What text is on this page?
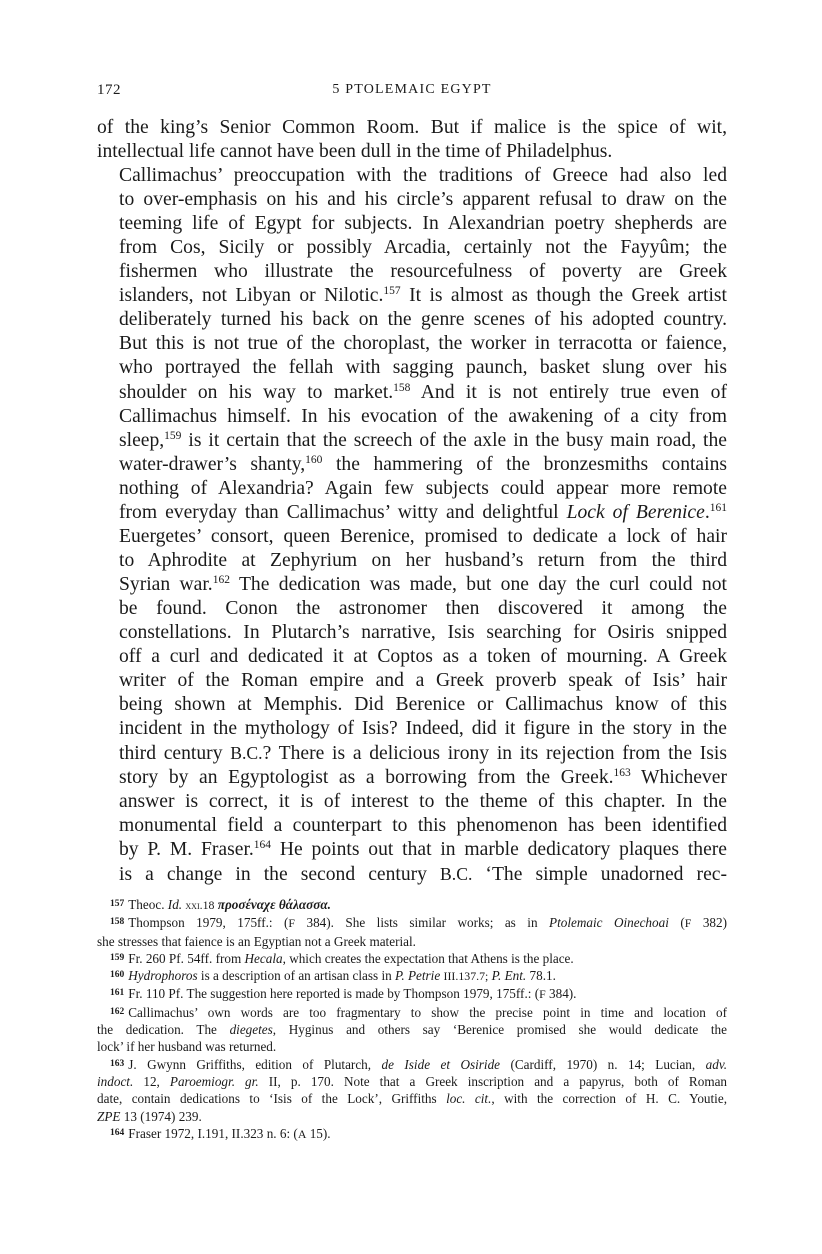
172	5 PTOLEMAIC EGYPT

of the king’s Senior Common Room. But if malice is the spice of wit,
intellectual life cannot have been dull in the time of Philadelphus.

Callimachus’ preoccupation with the traditions of Greece had also led
to over-emphasis on his and his circle’s apparent refusal to draw on the
teeming life of Egypt for subjects. In Alexandrian poetry shepherds are
from Cos, Sicily or possibly Arcadia, certainly not the Fayyûm; the
fishermen who illustrate the resourcefulness of poverty are Greek
islanders, not Libyan or Nilotic.$^{157}$ It is almost as though the Greek artist
deliberately turned his back on the genre scenes of his adopted country.
But this is not true of the choroplast, the worker in terracotta or faience,
who portrayed the fellah with sagging paunch, basket slung over his
shoulder on his way to market.$^{158}$ And it is not entirely true even of
Callimachus himself. In his evocation of the awakening of a city from
sleep,$^{159}$ is it certain that the screech of the axle in the busy main road, the
water-drawer’s shanty,$^{160}$ the hammering of the bronzesmiths contains
nothing of Alexandria? Again few subjects could appear more remote
from everyday than Callimachus’ witty and delightful Lock of Berenice.$^{161}$
Euergetes’ consort, queen Berenice, promised to dedicate a lock of hair
to Aphrodite at Zephyrium on her husband’s return from the third
Syrian war.$^{162}$ The dedication was made, but one day the curl could not
be found. Conon the astronomer then discovered it among the
constellations. In Plutarch’s narrative, Isis searching for Osiris snipped
off a curl and dedicated it at Coptos as a token of mourning. A Greek
writer of the Roman empire and a Greek proverb speak of Isis’ hair
being shown at Memphis. Did Berenice or Callimachus know of this
incident in the mythology of Isis? Indeed, did it figure in the story in the
third century B.C.? There is a delicious irony in its rejection from the Isis
story by an Egyptologist as a borrowing from the Greek.$^{163}$ Whichever
answer is correct, it is of interest to the theme of this chapter. In the
monumental field a counterpart to this phenomenon has been identified
by P. M. Fraser.$^{164}$ He points out that in marble dedicatory plaques there
is a change in the second century B.C. ‘The simple unadorned rec-

$^{157}$ Theoc. Id. xxi.18 προσέναχε θάλασσα.
$^{158}$ Thompson 1979, 175ff.: (F 384). She lists similar works; as in Ptolemaic Oinechoai (F 382)
she stresses that faience is an Egyptian not a Greek material.
$^{159}$ Fr. 260 Pf. 54ff. from Hecala, which creates the expectation that Athens is the place.
$^{160}$ Hydrophoros is a description of an artisan class in P. Petrie III.137.7; P. Ent. 78.1.
$^{161}$ Fr. 110 Pf. The suggestion here reported is made by Thompson 1979, 175ff.: (F 384).
$^{162}$ Callimachus’ own words are too fragmentary to show the precise point in time and location of
the dedication. The diegetes, Hyginus and others say ‘Berenice promised she would dedicate the
lock’ if her husband was returned.
$^{163}$ J. Gwynn Griffiths, edition of Plutarch, de Iside et Osiride (Cardiff, 1970) n. 14; Lucian, adv.
indoct. 12, Paroemiogr. gr. II, p. 170. Note that a Greek inscription and a papyrus, both of Roman
date, contain dedications to ‘Isis of the Lock’, Griffiths loc. cit., with the correction of H. C. Youtie,
ZPE 13 (1974) 239.
$^{164}$ Fraser 1972, I.191, II.323 n. 6: (A 15).
